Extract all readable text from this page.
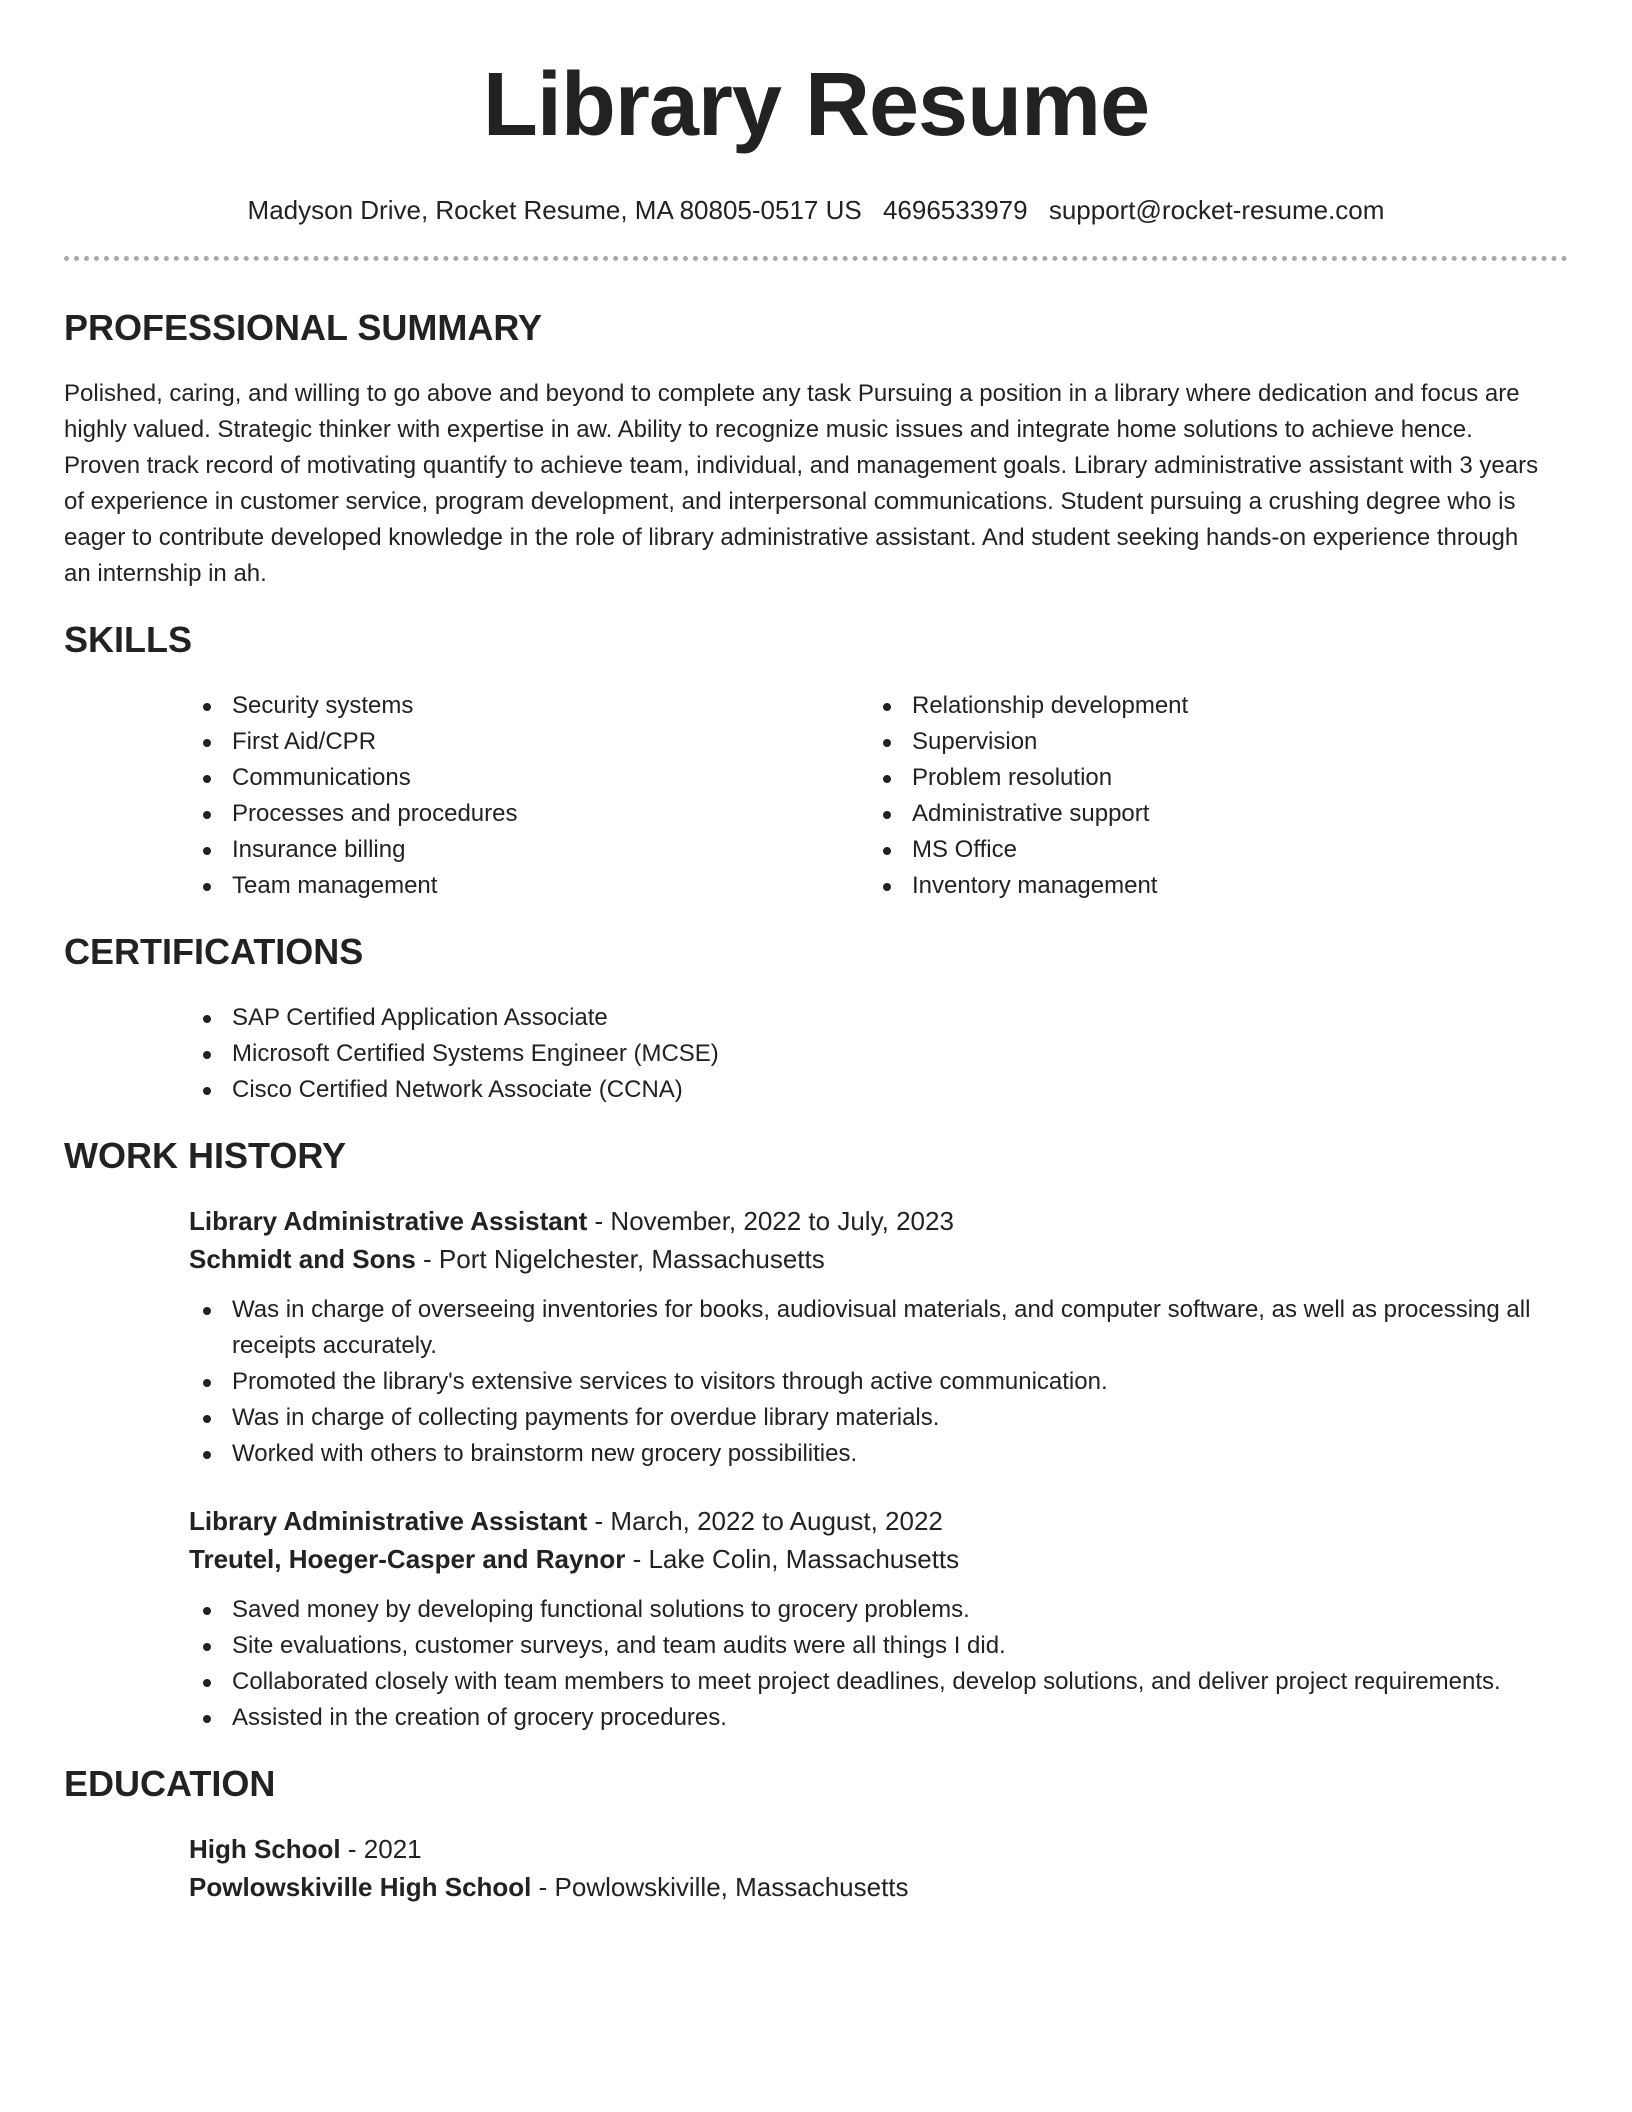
Library Resume
Madyson Drive, Rocket Resume, MA 80805-0517 US 4696533979 support@rocket-resume.com
PROFESSIONAL SUMMARY

Polished, caring, and willing to go above and beyond to complete any task Pursuing a position in a library where dedication and focus are highly valued. Strategic thinker with expertise in aw. Ability to recognize music issues and integrate home solutions to achieve hence. Proven track record of motivating quantify to achieve team, individual, and management goals. Library administrative assistant with 3 years of experience in customer service, program development, and interpersonal communications. Student pursuing a crushing degree who is eager to contribute developed knowledge in the role of library administrative assistant. And student seeking hands-on experience through an internship in ah.

SKILLS
Security systems
First Aid/CPR
Communications
Processes and procedures
Insurance billing
Team management
Relationship development
Supervision
Problem resolution
Administrative support
MS Office
Inventory management
CERTIFICATIONS
SAP Certified Application Associate
Microsoft Certified Systems Engineer (MCSE)
Cisco Certified Network Associate (CCNA)
WORK HISTORY

Library Administrative Assistant - November, 2022 to July, 2023

Schmidt and Sons - Port Nigelchester, Massachusetts

Was in charge of overseeing inventories for books, audiovisual materials, and computer software, as well as processing all receipts accurately.
Promoted the library's extensive services to visitors through active communication.
Was in charge of collecting payments for overdue library materials.
Worked with others to brainstorm new grocery possibilities.

Library Administrative Assistant - March, 2022 to August, 2022

Treutel, Hoeger-Casper and Raynor - Lake Colin, Massachusetts

Saved money by developing functional solutions to grocery problems.
Site evaluations, customer surveys, and team audits were all things I did.
Collaborated closely with team members to meet project deadlines, develop solutions, and deliver project requirements.
Assisted in the creation of grocery procedures.
EDUCATION

High School - 2021

Powlowskiville High School - Powlowskiville, Massachusetts
